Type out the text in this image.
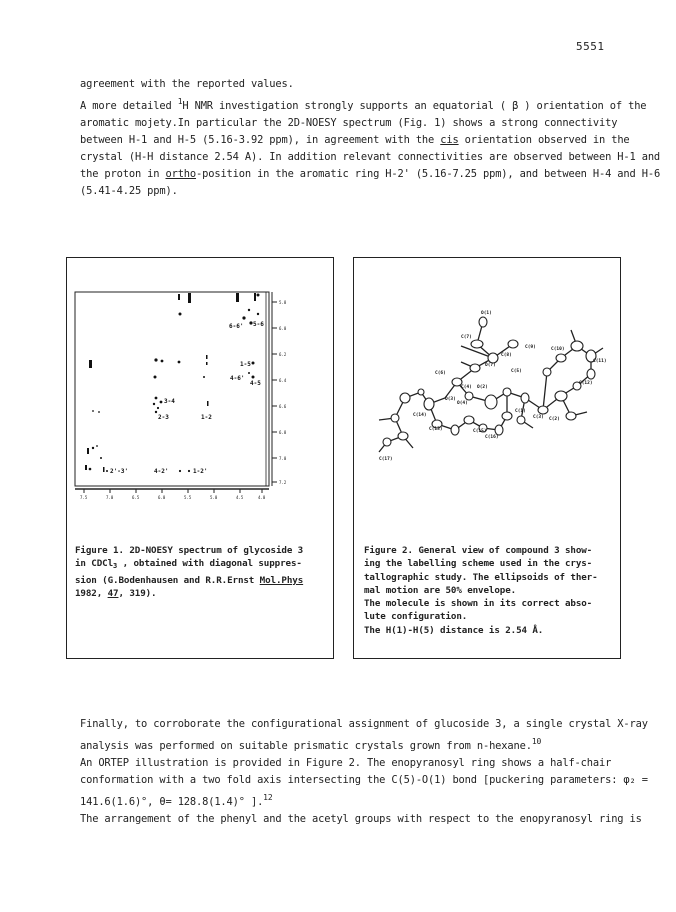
5551
agreement with the reported values.
A more detailed $^1$H NMR investigation strongly supports an equatorial ( β ) orientation of the
aromatic mojety.In particular the 2D-NOESY spectrum (Fig. 1) shows a strong connectivity
between H-1 and H-5 (5.16-3.92 ppm), in agreement with the cis orientation observed in the
crystal (H-H distance 2.54 A). In addition relevant connectivities are observed between H-1 and
the proton in ortho-position in the aromatic ring H-2' (5.16-7.25 ppm), and between H-4 and H-6
(5.41-4.25 ppm).
5.8
6.0
6.2
6.4
6.6
6.8
7.0
7.2
7.5	7.0	6.5	6.0	5.5	5.0	4.5	4.0
6-6' 5-6
1-5
4-6'
4-5
3-4
2-3	1-2
2'-3'	4-2'	1-2'
Figure 1. 2D-NOESY spectrum of glycoside 3
in CDCl$_3$ , obtained with diagonal suppres-
sion (G.Bodenhausen and R.R.Ernst Mol.Phys
1982, 47, 319).
O(1)
C(7)
C(8)
O(7)
C(9)	C(10)
C(11)
C(12)
C(6)	C(5)
C(4) O(2)
C(3) C(2)
C(1)
O(3)
O(4)
C(14)
C(13)
C(16)
C(15)
C(17)
Figure 2. General view of compound 3 show-
ing the labelling scheme used in the crys-
tallographic study. The ellipsoids of ther-
mal motion are 50% envelope.
The molecule is shown in its correct abso-
lute configuration.
The H(1)-H(5) distance is 2.54 Å.
Finally, to corroborate the configurational assignment of glucoside 3, a single crystal X-ray
analysis was performed on suitable prismatic crystals grown from n-hexane.$^{10}$
An ORTEP illustration is provided in Figure 2. The enopyranosyl ring shows a half-chair
conformation with a two fold axis intersecting the C(5)-O(1) bond [puckering parameters: φ₂ =
141.6(1.6)°, θ= 128.8(1.4)° ].$^{12}$
The arrangement of the phenyl and the acetyl groups with respect to the enopyranosyl ring is
